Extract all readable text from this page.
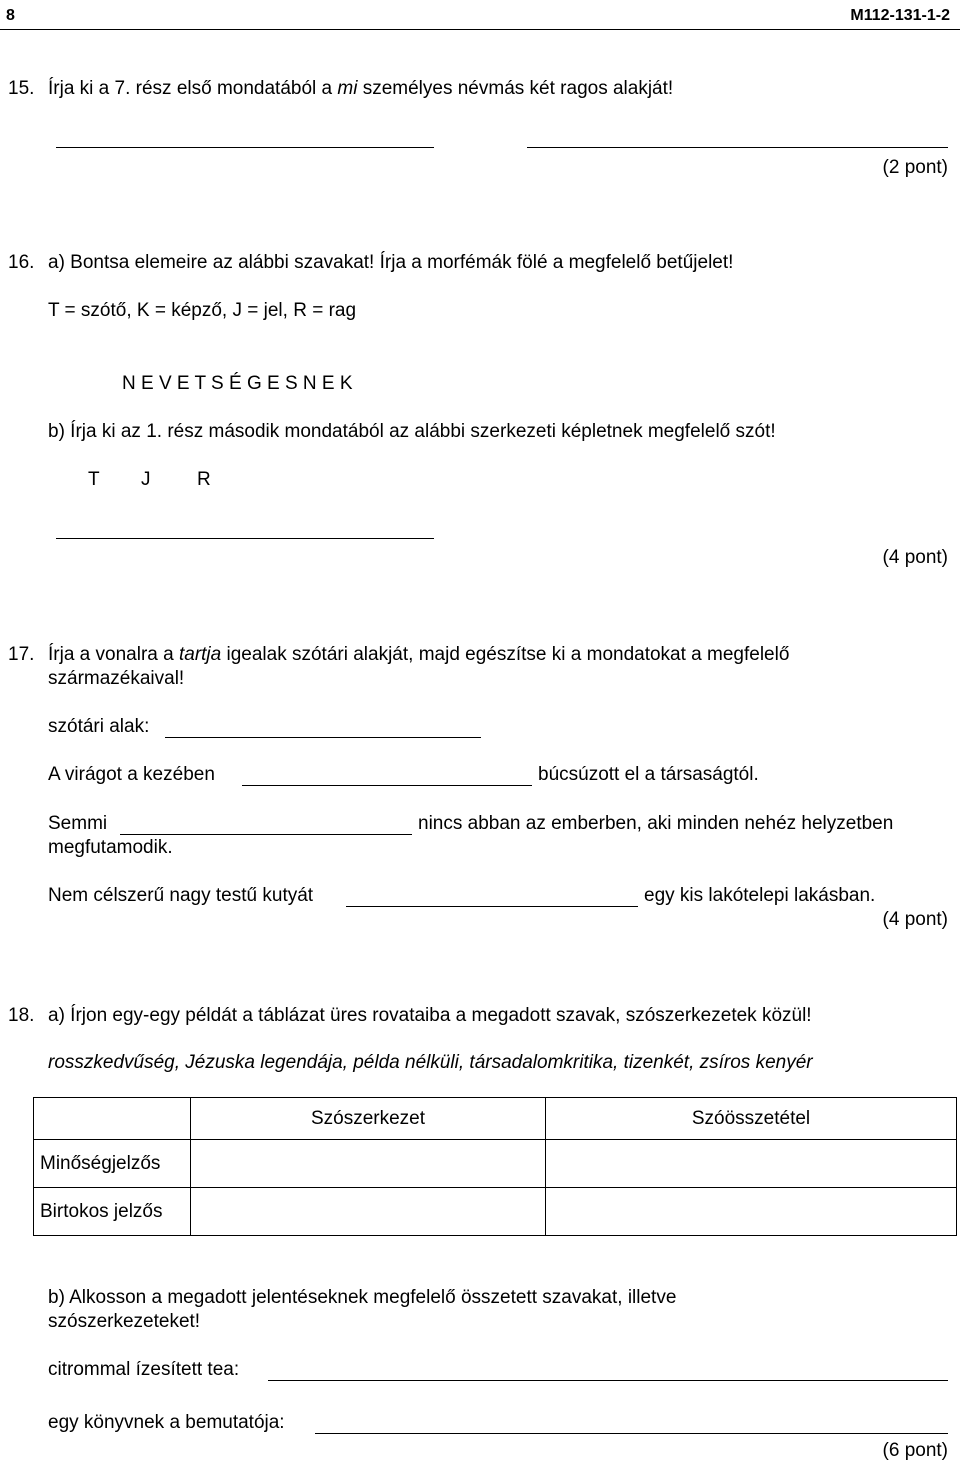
8	M112-131-1-2
15. Írja ki a 7. rész első mondatából a mi személyes névmás két ragos alakját!
(2 pont)
16. a) Bontsa elemeire az alábbi szavakat! Írja a morfémák fölé a megfelelő betűjelet!
T = szótő, K = képző, J = jel, R = rag
N E V E T S É G E S N E K
b) Írja ki az 1. rész második mondatából az alábbi szerkezeti képletnek megfelelő szót!
T J R
(4 pont)
17. Írja a vonalra a tartja igealak szótári alakját, majd egészítse ki a mondatokat a megfelelő
származékaival!
szótári alak:
A virágot a kezében	búcsúzott el a társaságtól.
Semmi	nincs abban az emberben, aki minden nehéz helyzetben
megfutamodik.
Nem célszerű nagy testű kutyát	egy kis lakótelepi lakásban.
(4 pont)
18. a) Írjon egy-egy példát a táblázat üres rovataiba a megadott szavak, szószerkezetek közül!
rosszkedvűség, Jézuska legendája, példa nélküli, társadalomkritika, tizenkét, zsíros kenyér
	Szószerkezet	Szóösszetétel
Minőségjelzős		
Birtokos jelzős		
b) Alkosson a megadott jelentéseknek megfelelő összetett szavakat, illetve
szószerkezeteket!
citrommal ízesített tea:
egy könyvnek a bemutatója:
(6 pont)
